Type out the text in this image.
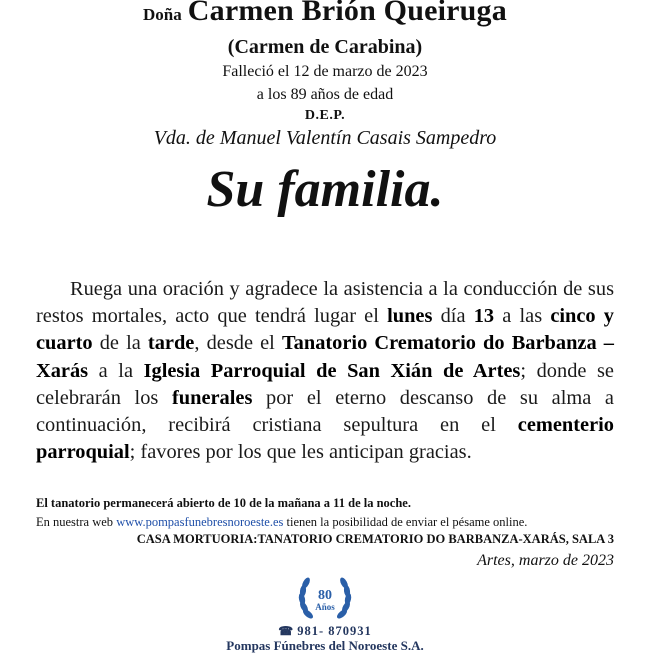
Doña Carmen Brión Queiruga
(Carmen de Carabina)
Falleció el 12 de marzo de 2023
a los 89 años de edad
D.E.P.
Vda. de Manuel Valentín Casais Sampedro
Su familia.
Ruega una oración y agradece la asistencia a la conducción de sus restos mortales, acto que tendrá lugar el lunes día 13 a las cinco y cuarto de la tarde, desde el Tanatorio Crematorio do Barbanza – Xarás a la Iglesia Parroquial de San Xián de Artes; donde se celebrarán los funerales por el eterno descanso de su alma a continuación, recibirá cristiana sepultura en el cementerio parroquial; favores por los que les anticipan gracias.
El tanatorio permanecerá abierto de 10 de la mañana a 11 de la noche.
En nuestra web www.pompasfunebresnoroeste.es tienen la posibilidad de enviar el pésame online.
CASA MORTUORIA:TANATORIO CREMATORIO DO BARBANZA-XARÁS, SALA 3
Artes, marzo de 2023
80
Años
☎ 981- 870931
Pompas Fúnebres del Noroeste S.A.
